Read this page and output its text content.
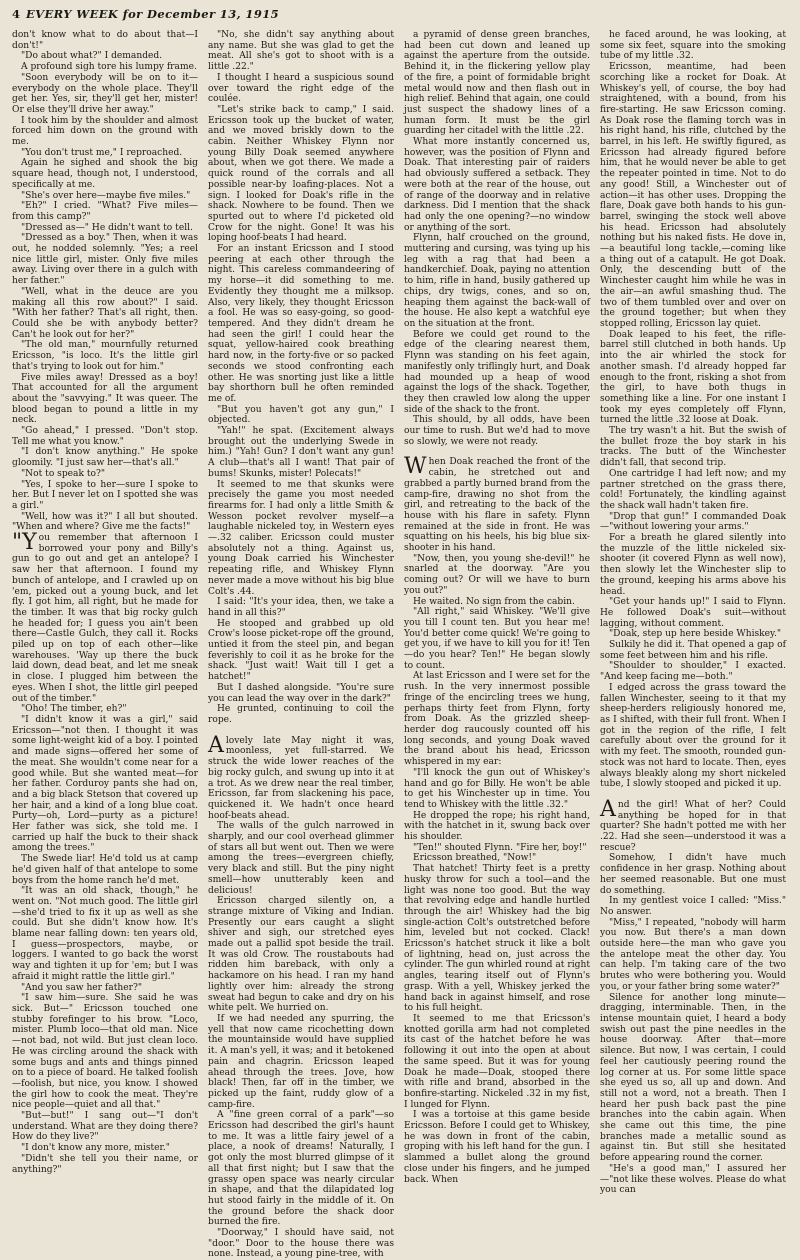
4 EVERY WEEK for December 13, 1915

don't know what to do about that—I don't!"

"Do about what?" I demanded.

A profound sigh tore his lumpy frame.

"Soon everybody will be on to it—everybody on the whole place. They'll get her. Yes, sir, they'll get her, mister! Or else they'll drive her away."

I took him by the shoulder and almost forced him down on the ground with me.

"You don't trust me," I reproached.

Again he sighed and shook the big square head, though not, I understood, specifically at me.

"She's over here—maybe five miles."

"Eh?" I cried. "What? Five miles—from this camp?"

"Dressed as—" He didn't want to tell.

"Dressed as a boy." Then, when it was out, he nodded solemnly. "Yes; a reel nice little girl, mister. Only five miles away. Living over there in a gulch with her father."

"Well, what in the deuce are you making all this row about?" I said. "With her father? That's all right, then. Could she be with anybody better? Can't he look out for her?"

"The old man," mournfully returned Ericsson, "is loco. It's the little girl that's trying to look out for him."

Five miles away! Dressed as a boy! That accounted for all the argument about the "savvying." It was queer. The blood began to pound a little in my neck.

"Go ahead," I pressed. "Don't stop. Tell me what you know."

"I don't know anything." He spoke gloomily. "I just saw her—that's all."

"Not to speak to?"

"Yes, I spoke to her—sure I spoke to her. But I never let on I spotted she was a girl."

"Well, how was it?" I all but shouted. "When and where? Give me the facts!"

"You remember that afternoon I borrowed your pony and Billy's gun to go out and get an antelope? I saw her that afternoon. I found my bunch of antelope, and I crawled up on 'em, picked out a young buck, and let fly. I got him, all right, but he made for the timber. It was that big rocky gulch he headed for; I guess you ain't been there—Castle Gulch, they call it. Rocks piled up on top of each other—like warehouses. 'Way up there the buck laid down, dead beat, and let me sneak in close. I plugged him between the eyes. When I shot, the little girl peeped out of the timber."

"Oho! The timber, eh?"

"I didn't know it was a girl," said Ericsson—"not then. I thought it was some light-weight kid of a boy. I pointed and made signs—offered her some of the meat. She wouldn't come near for a good while. But she wanted meat—for her father. Corduroy pants she had on, and a big black Stetson that covered up her hair, and a kind of a long blue coat. Purty—oh, Lord—purty as a picture! Her father was sick, she told me. I carried up half the buck to their shack among the trees."

The Swede liar! He'd told us at camp he'd given half of that antelope to some boys from the home ranch he'd met.

"It was an old shack, though," he went on. "Not much good. The little girl—she'd tried to fix it up as well as she could. But she didn't know how. It's blame near falling down: ten years old, I guess—prospectors, maybe, or loggers. I wanted to go back the worst way and tighten it up for 'em; but I was afraid it might rattle the little girl."

"And you saw her father?"

"I saw him—sure. She said he was sick. But—" Ericsson touched one stubby forefinger to his brow. "Loco, mister. Plumb loco—that old man. Nice—not bad, not wild. But just clean loco. He was circling around the shack with some bugs and ants and things pinned on to a piece of board. He talked foolish—foolish, but nice, you know. I showed the girl how to cook the meat. They're nice people—quiet and all that."

"But—but!" I sang out—"I don't understand. What are they doing there? How do they live?"

"I don't know any more, mister."

"Didn't she tell you their name, or anything?"

"No, she didn't say anything about any name. But she was glad to get the meat. All she's got to shoot with is a little .22."

I thought I heard a suspicious sound over toward the right edge of the coulée.

"Let's strike back to camp," I said. Ericsson took up the bucket of water, and we moved briskly down to the cabin. Neither Whiskey Flynn nor young Billy Doak seemed anywhere about, when we got there. We made a quick round of the corrals and all possible near-by loafing-places. Not a sign. I looked for Doak's rifle in the shack. Nowhere to be found. Then we spurted out to where I'd picketed old Crow for the night. Gone! It was his loping hoof-beats I had heard.

For an instant Ericsson and I stood peering at each other through the night. This careless commandeering of my horse—it did something to me. Evidently they thought me a milksop. Also, very likely, they thought Ericsson a fool. He was so easy-going, so good-tempered. And they didn't dream he had seen the girl! I could hear the squat, yellow-haired cook breathing hard now, in the forty-five or so packed seconds we stood confronting each other. He was snorting just like a little bay shorthorn bull he often reminded me of.

"But you haven't got any gun," I objected.

"Yah!" he spat. (Excitement always brought out the underlying Swede in him.) "Yah! Gun? I don't want any gun! A club—that's all I want! That pair of bums! Skunks, mister! Polecats!"

It seemed to me that skunks were precisely the game you most needed firearms for. I had only a little Smith & Wesson pocket revolver myself—a laughable nickeled toy, in Western eyes—.32 caliber. Ericsson could muster absolutely not a thing. Against us, young Doak carried his Winchester repeating rifle, and Whiskey Flynn never made a move without his big blue Colt's .44.

I said: "It's your idea, then, we take a hand in all this?"

He stooped and grabbed up old Crow's loose picket-rope off the ground, untied it from the steel pin, and began feverishly to coil it as he broke for the shack. "Just wait! Wait till I get a hatchet!"

But I dashed alongside. "You're sure you can lead the way over in the dark?"

He grunted, continuing to coil the rope.

A lovely late May night it was, moonless, yet full-starred. We struck the wide lower reaches of the big rocky gulch, and swung up into it at a trot. As we drew near the real timber, Ericsson, far from slackening his pace, quickened it. We hadn't once heard hoof-beats ahead.

The walls of the gulch narrowed in sharply, and our cool overhead glimmer of stars all but went out. Then we were among the trees—evergreen chiefly, very black and still. But the piny night smell—how unutterably keen and delicious!

Ericsson charged silently on, a strange mixture of Viking and Indian. Presently our ears caught a slight shiver and sigh, our stretched eyes made out a pallid spot beside the trail. It was old Crow. The roustabouts had ridden him bareback, with only a hackamore on his head. I ran my hand lightly over him: already the strong sweat had begun to cake and dry on his white pelt. We hurried on.

If we had needed any spurring, the yell that now came ricochetting down the mountainside would have supplied it. A man's yell, it was; and it betokened pain and chagrin. Ericsson leaped ahead through the trees. Jove, how black! Then, far off in the timber, we picked up the faint, ruddy glow of a camp-fire.

A "fine green corral of a park"—so Ericsson had described the girl's haunt to me. It was a little fairy jewel of a place, a nook of dreams! Naturally, I got only the most blurred glimpse of it all that first night; but I saw that the grassy open space was nearly circular in shape, and that the dilapidated log hut stood fairly in the middle of it. On the ground before the shack door burned the fire.

"Doorway," I should have said, not "door." Door to the house there was none. Instead, a young pine-tree, with

a pyramid of dense green branches, had been cut down and leaned up against the aperture from the outside. Behind it, in the flickering yellow play of the fire, a point of formidable bright metal would now and then flash out in high relief. Behind that again, one could just suspect the shadowy lines of a human form. It must be the girl guarding her citadel with the little .22.

What more instantly concerned us, however, was the position of Flynn and Doak. That interesting pair of raiders had obviously suffered a setback. They were both at the rear of the house, out of range of the doorway and in relative darkness. Did I mention that the shack had only the one opening?—no window or anything of the sort.

Flynn, half crouched on the ground, muttering and cursing, was tying up his leg with a rag that had been a handkerchief. Doak, paying no attention to him, rifle in hand, busily gathered up chips, dry twigs, cones, and so on, heaping them against the back-wall of the house. He also kept a watchful eye on the situation at the front.

Before we could get round to the edge of the clearing nearest them, Flynn was standing on his feet again, manifestly only triflingly hurt, and Doak had mounded up a heap of wood against the logs of the shack. Together, they then crawled low along the upper side of the shack to the front.

This should, by all odds, have been our time to rush. But we'd had to move so slowly, we were not ready.

When Doak reached the front of the cabin, he stretched out and grabbed a partly burned brand from the camp-fire, drawing no shot from the girl, and retreating to the back of the house with his flare in safety. Flynn remained at the side in front. He was squatting on his heels, his big blue six-shooter in his hand.

"Now, then, you young she-devil!" he snarled at the doorway. "Are you coming out? Or will we have to burn you out?"

He waited. No sign from the cabin.

"All right," said Whiskey. "We'll give you till I count ten. But you hear me! You'd better come quick! We're going to get you, if we have to kill you for it! Ten—do you hear? Ten!" He began slowly to count.

At last Ericsson and I were set for the rush. In the very innermost possible fringe of the encircling trees we hung, perhaps thirty feet from Flynn, forty from Doak. As the grizzled sheep-herder dog raucously counted off his long seconds, and young Doak waved the brand about his head, Ericsson whispered in my ear:

"I'll knock the gun out of Whiskey's hand and go for Billy. He won't be able to get his Winchester up in time. You tend to Whiskey with the little .32."

He dropped the rope; his right hand, with the hatchet in it, swung back over his shoulder.

"Ten!" shouted Flynn. "Fire her, boy!"

Ericsson breathed, "Now!"

That hatchet! Thirty feet is a pretty husky throw for such a tool—and the light was none too good. But the way that revolving edge and handle hurtled through the air! Whiskey had the big single-action Colt's outstretched before him, leveled but not cocked. Clack! Ericsson's hatchet struck it like a bolt of lightning, head on, just across the cylinder. The gun whirled round at right angles, tearing itself out of Flynn's grasp. With a yell, Whiskey jerked the hand back in against himself, and rose to his full height.

It seemed to me that Ericsson's knotted gorilla arm had not completed its cast of the hatchet before he was following it out into the open at about the same speed. But it was for young Doak he made—Doak, stooped there with rifle and brand, absorbed in the bonfire-starting. Nickeled .32 in my fist, I lunged for Flynn.

I was a tortoise at this game beside Ericsson. Before I could get to Whiskey, he was down in front of the cabin, groping with his left hand for the gun. I slammed a bullet along the ground close under his fingers, and he jumped back. When

he faced around, he was looking, at some six feet, square into the smoking tube of my little .32.

Ericsson, meantime, had been scorching like a rocket for Doak. At Whiskey's yell, of course, the boy had straightened, with a bound, from his fire-starting. He saw Ericsson coming. As Doak rose the flaming torch was in his right hand, his rifle, clutched by the barrel, in his left. He swiftly figured, as Ericsson had already figured before him, that he would never be able to get the repeater pointed in time. Not to do any good! Still, a Winchester out of action—it has other uses. Dropping the flare, Doak gave both hands to his gun-barrel, swinging the stock well above his head. Ericsson had absolutely nothing but his naked fists. He dove in,—a beautiful long tackle,—coming like a thing out of a catapult. He got Doak. Only, the descending butt of the Winchester caught him while he was in the air—an awful smashing thud. The two of them tumbled over and over on the ground together; but when they stopped rolling, Ericsson lay quiet.

Doak leaped to his feet, the rifle-barrel still clutched in both hands. Up into the air whirled the stock for another smash. I'd already hopped far enough to the front, risking a shot from the girl, to have both thugs in something like a line. For one instant I took my eyes completely off Flynn, turned the little .32 loose at Doak.

The try wasn't a hit. But the swish of the bullet froze the boy stark in his tracks. The butt of the Winchester didn't fall, that second trip.

One cartridge I had left now; and my partner stretched on the grass there, cold! Fortunately, the kindling against the shack wall hadn't taken fire.

"Drop that gun!" I commanded Doak—"without lowering your arms."

For a breath he glared silently into the muzzle of the little nickeled six-shooter (it covered Flynn as well now), then slowly let the Winchester slip to the ground, keeping his arms above his head.

"Get your hands up!" I said to Flynn. He followed Doak's suit—without lagging, without comment.

"Doak, step up here beside Whiskey."

Sulkily he did it. That opened a gap of some feet between him and his rifle.

"Shoulder to shoulder," I exacted. "And keep facing me—both."

I edged across the grass toward the fallen Winchester, seeing to it that my sheep-herders religiously honored me, as I shifted, with their full front. When I got in the region of the rifle, I felt carefully about over the ground for it with my feet. The smooth, rounded gun-stock was not hard to locate. Then, eyes always bleakly along my short nickeled tube, I slowly stooped and picked it up.

And the girl! What of her? Could anything be hoped for in that quarter? She hadn't potted me with her .22. Had she seen—understood it was a rescue?

Somehow, I didn't have much confidence in her grasp. Nothing about her seemed reasonable. But one must do something.

In my gentlest voice I called: "Miss." No answer.

"Miss," I repeated, "nobody will harm you now. But there's a man down outside here—the man who gave you the antelope meat the other day. You can help. I'm taking care of the two brutes who were bothering you. Would you, or your father bring some water?"

Silence for another long minute—dragging, interminable. Then, in the intense mountain quiet, I heard a body swish out past the pine needles in the house doorway. After that—more silence. But now, I was certain, I could feel her cautiously peering round the log corner at us. For some little space she eyed us so, all up and down. And still not a word, not a breath. Then I heard her push back past the pine branches into the cabin again. When she came out this time, the pine branches made a metallic sound as against tin. But still she hesitated before appearing round the corner.

"He's a good man," I assured her—"not like these wolves. Please do what you can
